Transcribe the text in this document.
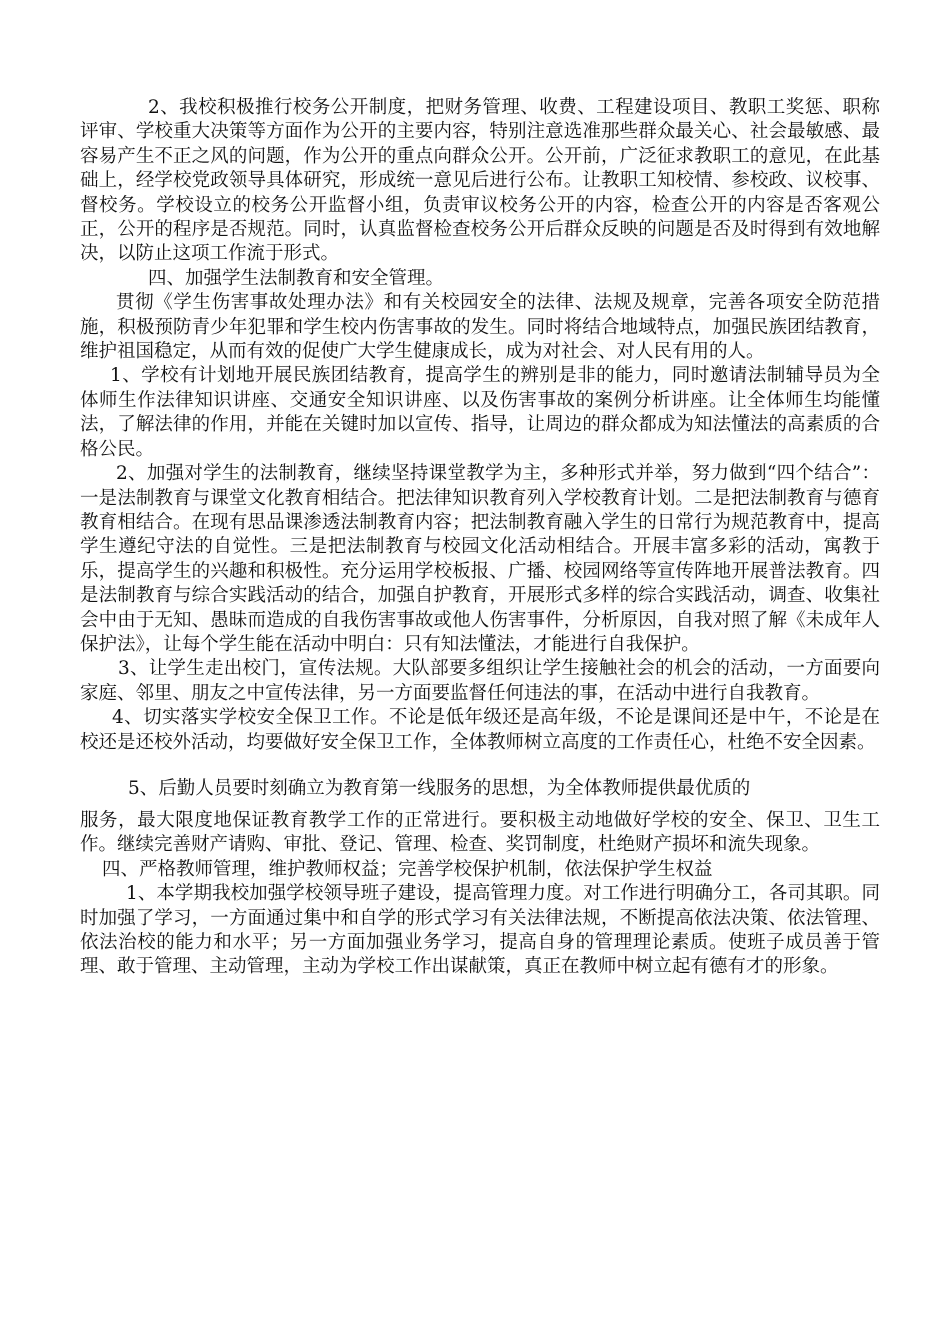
2、我校积极推行校务公开制度，把财务管理、收费、工程建设项目、教职工奖惩、职称评审、学校重大决策等方面作为公开的主要内容，特别注意选准那些群众最关心、社会最敏感、最容易产生不正之风的问题，作为公开的重点向群众公开。公开前，广泛征求教职工的意见，在此基础上，经学校党政领导具体研究，形成统一意见后进行公布。让教职工知校情、参校政、议校事、督校务。学校设立的校务公开监督小组，负责审议校务公开的内容，检查公开的内容是否客观公正，公开的程序是否规范。同时，认真监督检查校务公开后群众反映的问题是否及时得到有效地解决，以防止这项工作流于形式。

四、加强学生法制教育和安全管理。

贯彻《学生伤害事故处理办法》和有关校园安全的法律、法规及规章，完善各项安全防范措施，积极预防青少年犯罪和学生校内伤害事故的发生。同时将结合地域特点，加强民族团结教育，维护祖国稳定，从而有效的促使广大学生健康成长，成为对社会、对人民有用的人。

1、学校有计划地开展民族团结教育，提高学生的辨别是非的能力，同时邀请法制辅导员为全体师生作法律知识讲座、交通安全知识讲座、以及伤害事故的案例分析讲座。让全体师生均能懂法，了解法律的作用，并能在关键时加以宣传、指导，让周边的群众都成为知法懂法的高素质的合格公民。

2、加强对学生的法制教育，继续坚持课堂教学为主，多种形式并举，努力做到“四个结合”：一是法制教育与课堂文化教育相结合。把法律知识教育列入学校教育计划。二是把法制教育与德育教育相结合。在现有思品课渗透法制教育内容；把法制教育融入学生的日常行为规范教育中，提高学生遵纪守法的自觉性。三是把法制教育与校园文化活动相结合。开展丰富多彩的活动，寓教于乐，提高学生的兴趣和积极性。充分运用学校板报、广播、校园网络等宣传阵地开展普法教育。四是法制教育与综合实践活动的结合，加强自护教育，开展形式多样的综合实践活动，调查、收集社会中由于无知、愚昧而造成的自我伤害事故或他人伤害事件，分析原因，自我对照了解《未成年人保护法》，让每个学生能在活动中明白：只有知法懂法，才能进行自我保护。

3、让学生走出校门，宣传法规。大队部要多组织让学生接触社会的机会的活动，一方面要向家庭、邻里、朋友之中宣传法律，另一方面要监督任何违法的事，在活动中进行自我教育。

4、切实落实学校安全保卫工作。不论是低年级还是高年级，不论是课间还是中午，不论是在校还是还校外活动，均要做好安全保卫工作，全体教师树立高度的工作责任心，杜绝不安全因素。

5、后勤人员要时刻确立为教育第一线服务的思想，为全体教师提供最优质的

服务，最大限度地保证教育教学工作的正常进行。要积极主动地做好学校的安全、保卫、卫生工作。继续完善财产请购、审批、登记、管理、检查、奖罚制度，杜绝财产损坏和流失现象。

四、严格教师管理，维护教师权益；完善学校保护机制，依法保护学生权益

1、本学期我校加强学校领导班子建设，提高管理力度。对工作进行明确分工，各司其职。同时加强了学习，一方面通过集中和自学的形式学习有关法律法规，不断提高依法决策、依法管理、依法治校的能力和水平；另一方面加强业务学习，提高自身的管理理论素质。使班子成员善于管理、敢于管理、主动管理，主动为学校工作出谋献策，真正在教师中树立起有德有才的形象。
